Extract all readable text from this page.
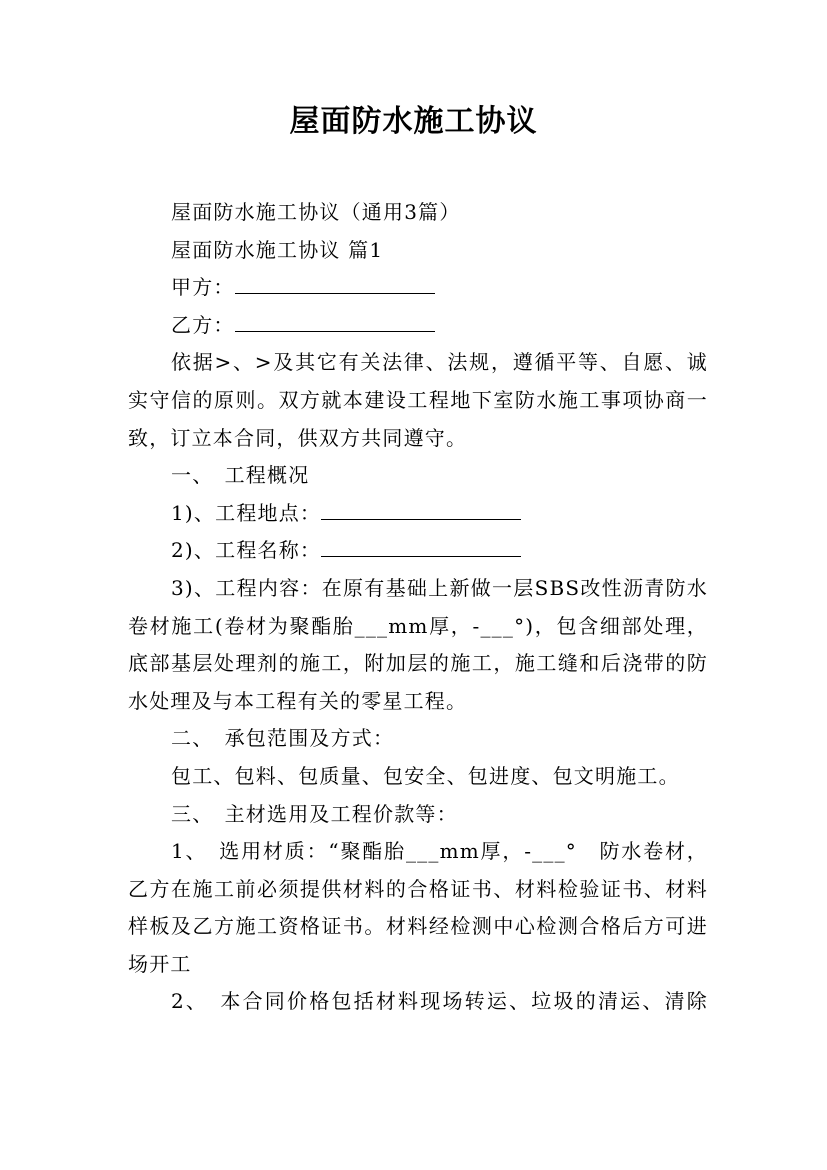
屋面防水施工协议

屋面防水施工协议（通用3篇）

屋面防水施工协议 篇1

甲方：

乙方：

依据>、>及其它有关法律、法规，遵循平等、自愿、诚实守信的原则。双方就本建设工程地下室防水施工事项协商一致，订立本合同，供双方共同遵守。

一、　工程概况

1)、工程地点：

2)、工程名称：

3)、工程内容：在原有基础上新做一层SBS改性沥青防水卷材施工(卷材为聚酯胎___mm厚，-___°)，包含细部处理，底部基层处理剂的施工，附加层的施工，施工缝和后浇带的防水处理及与本工程有关的零星工程。

二、　承包范围及方式：

包工、包料、包质量、包安全、包进度、包文明施工。

三、　主材选用及工程价款等：

1、　选用材质：“聚酯胎___mm厚，-___°　防水卷材，乙方在施工前必须提供材料的合格证书、材料检验证书、材料样板及乙方施工资格证书。材料经检测中心检测合格后方可进场开工

2、　本合同价格包括材料现场转运、垃圾的清运、清除
